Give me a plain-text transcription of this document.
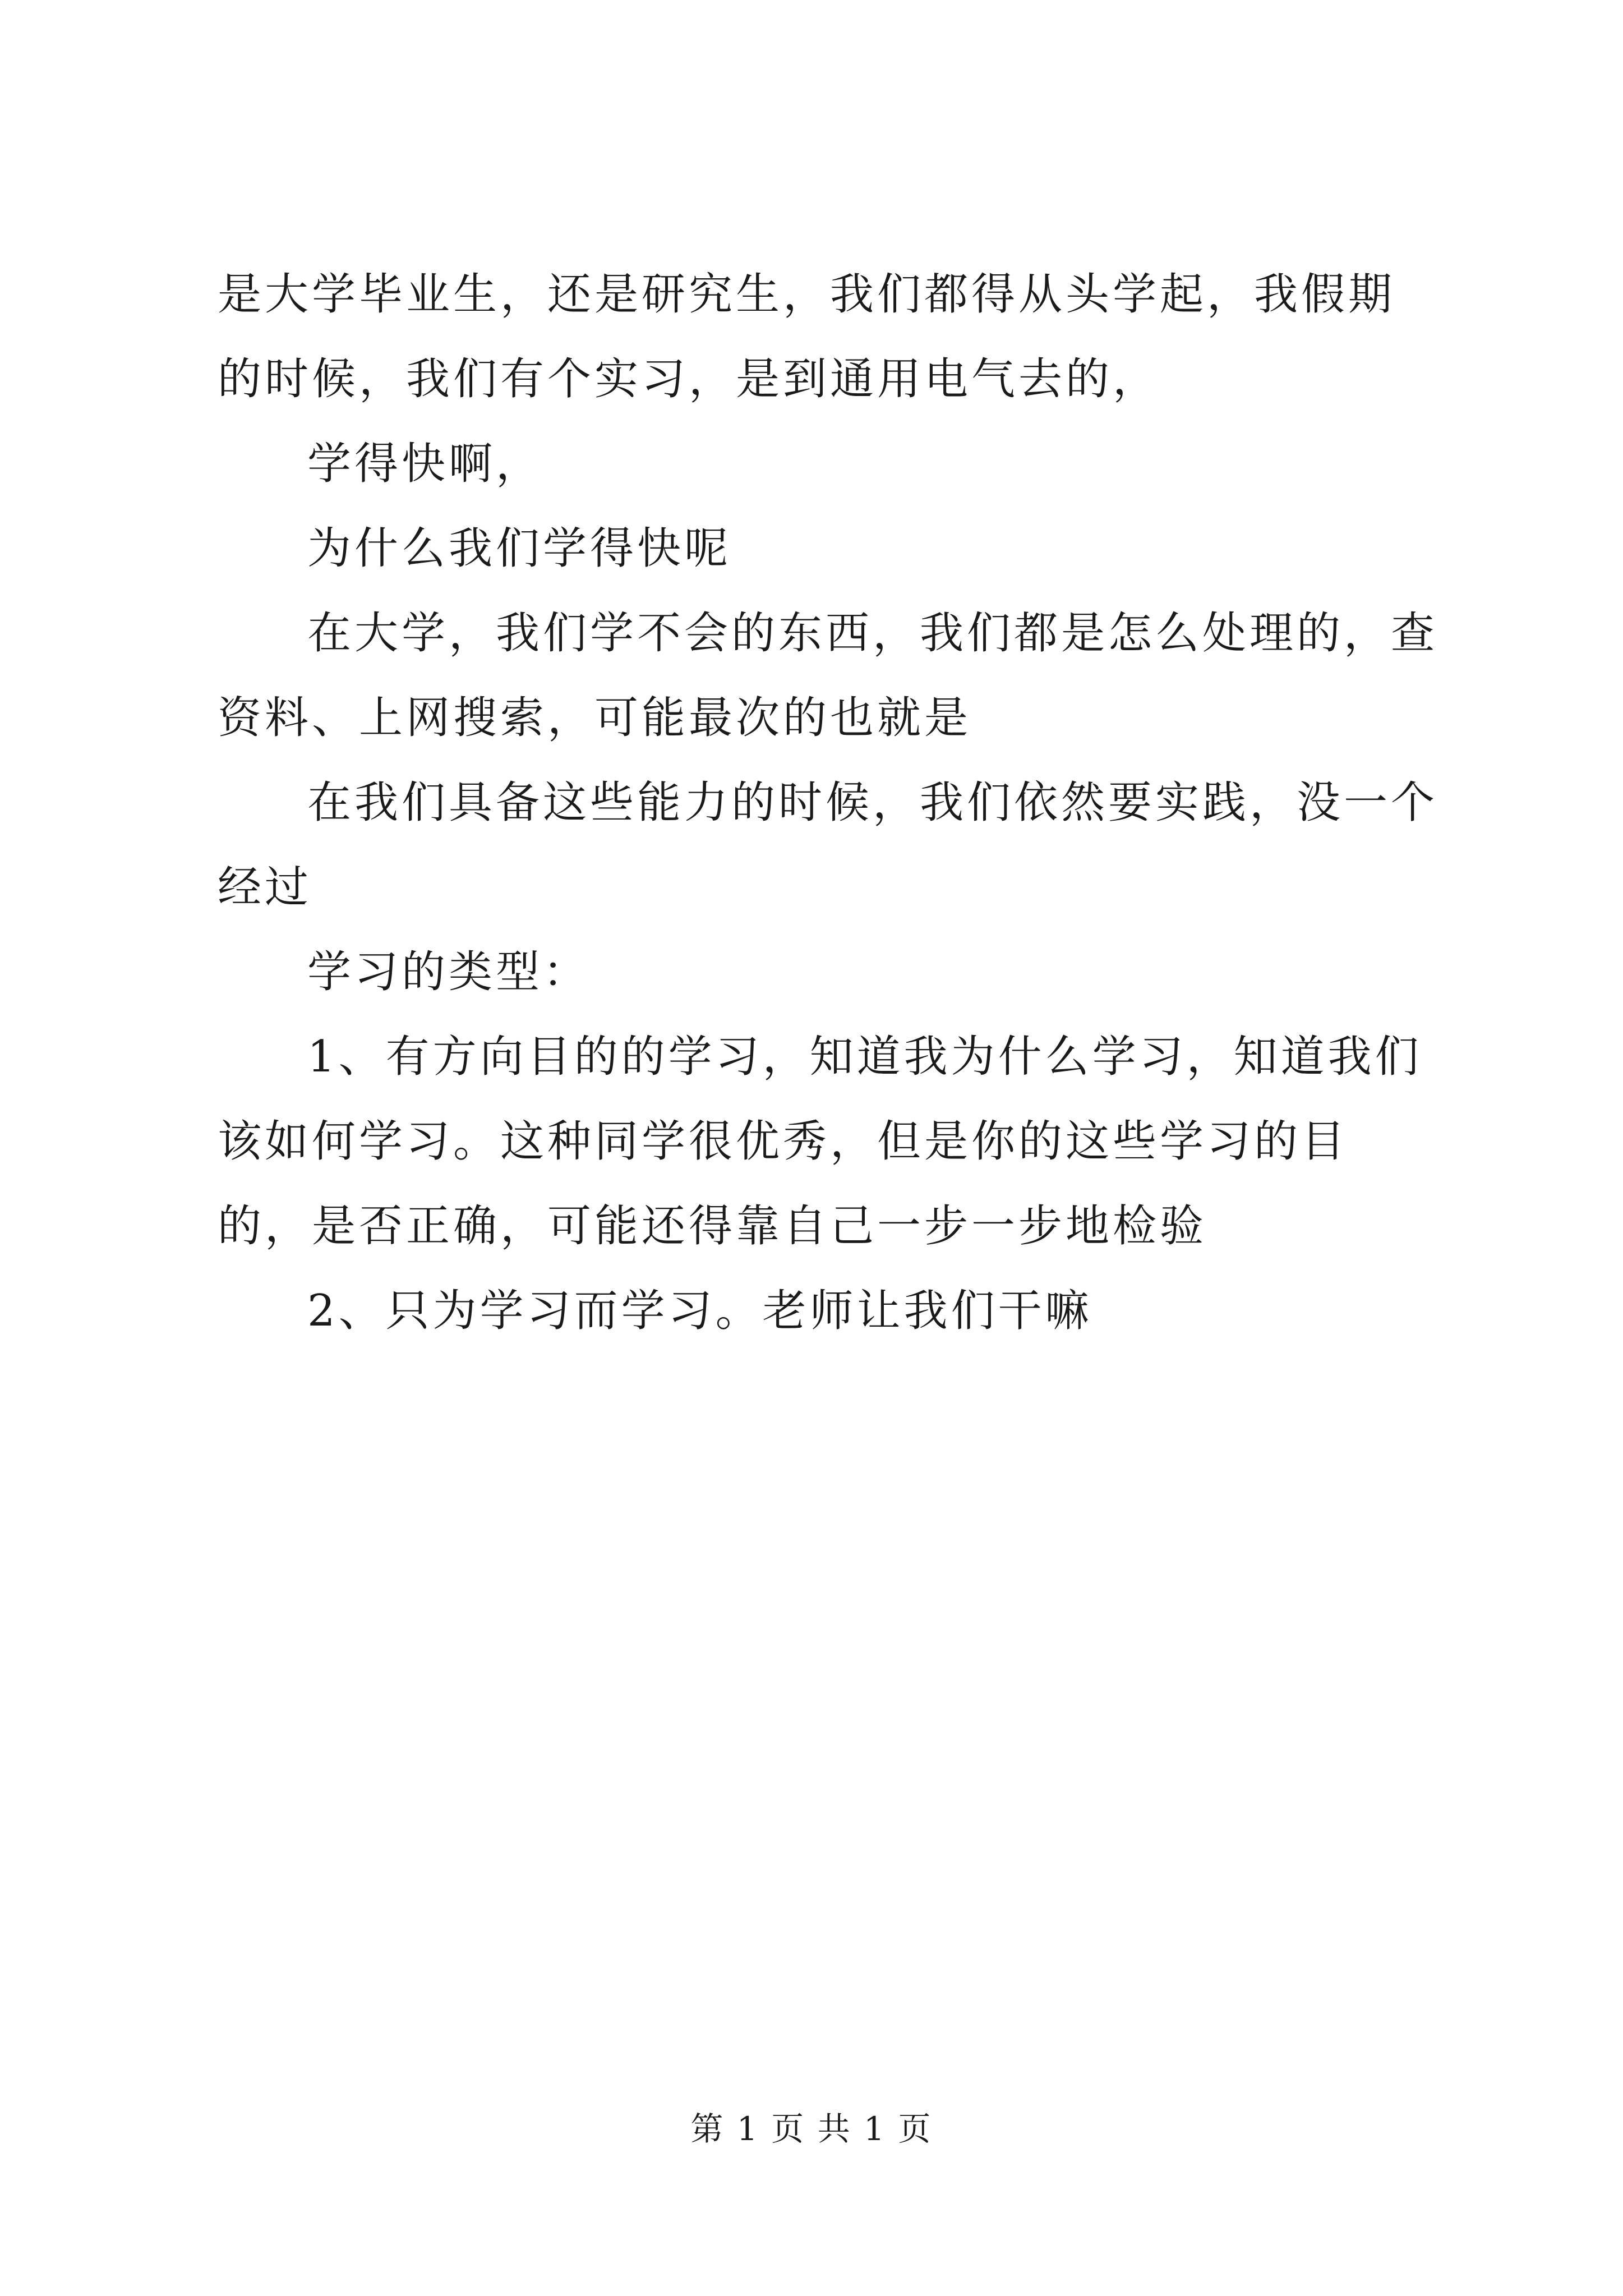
是大学毕业生，还是研究生，我们都得从头学起，我假期的时候，我们有个实习，是到通用电气去的，

学得快啊，

为什么我们学得快呢

在大学，我们学不会的东西，我们都是怎么处理的，查资料、上网搜索，可能最次的也就是

在我们具备这些能力的时候，我们依然要实践，没一个经过

学习的类型：

1、有方向目的的学习，知道我为什么学习，知道我们该如何学习。这种同学很优秀，但是你的这些学习的目的，是否正确，可能还得靠自己一步一步地检验

2、只为学习而学习。老师让我们干嘛

第 1 页 共 1 页
